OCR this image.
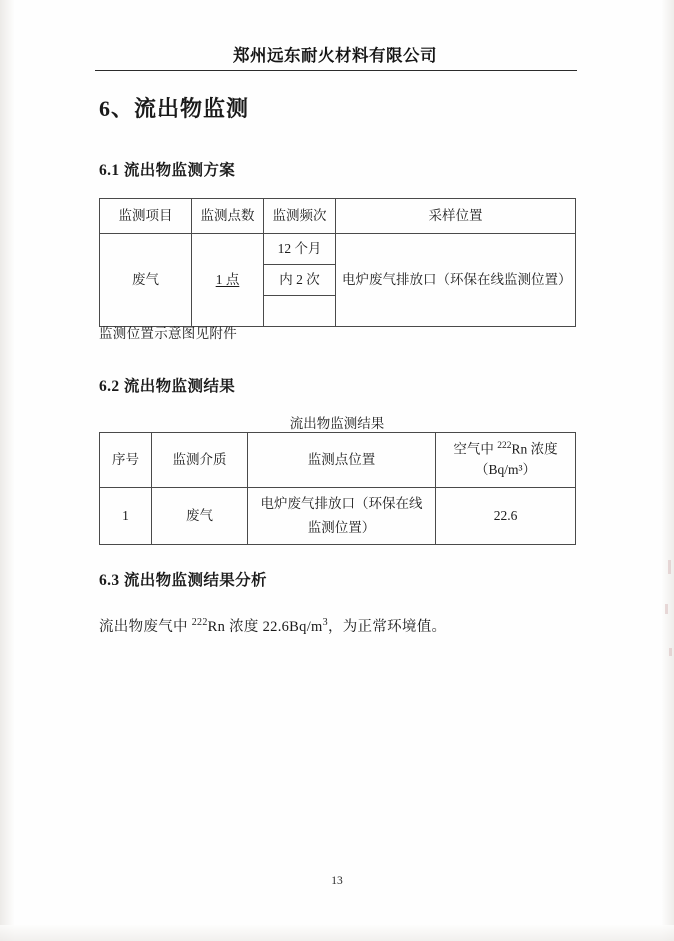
郑州远东耐火材料有限公司
6、流出物监测
6.1 流出物监测方案
监测项目	监测点数	监测频次	采样位置
废气	1 点	12 个月	电炉废气排放口（环保在线监测位置）
		内 2 次	

监测位置示意图见附件
6.2 流出物监测结果
流出物监测结果
序号	监测介质	监测点位置	空气中 $^{222}$Rn 浓度
（Bq/m³）
1	废气	电炉废气排放口（环保在线	22.6
		监测位置）	
6.3 流出物监测结果分析
流出物废气中 $^{222}$Rn 浓度 $22.6Bq/m^3$，为正常环境值。
13
